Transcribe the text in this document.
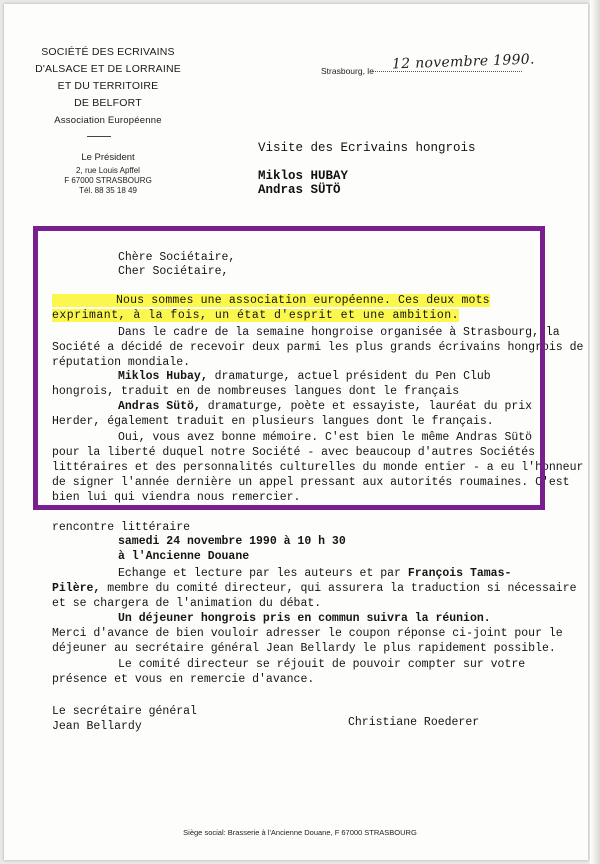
SOCIÉTÉ DES ECRIVAINS
D'ALSACE ET DE LORRAINE
ET DU TERRITOIRE
DE BELFORT
Association Européenne
Le Président
2, rue Louis Apffel
F 67000 STRASBOURG
Tél. 88 35 18 49
Strasbourg, le 12 novembre 1990.
Visite des Ecrivains hongrois
Miklos HUBAY
Andras SÜTÖ
Chère Sociétaire,
Cher Sociétaire,
Nous sommes une association européenne. Ces deux mots
exprimant, à la fois, un état d'esprit et une ambition.
Dans le cadre de la semaine hongroise organisée à Strasbourg, la
Société a décidé de recevoir deux parmi les plus grands écrivains hongrois de
réputation mondiale.
Miklos Hubay, dramaturge, actuel président du Pen Club
hongrois, traduit en de nombreuses langues dont le français
Andras Sütö, dramaturge, poète et essayiste, lauréat du prix
Herder, également traduit en plusieurs langues dont le français.
Oui, vous avez bonne mémoire. C'est bien le même Andras Sütö
pour la liberté duquel notre Société - avec beaucoup d'autres Sociétés
littéraires et des personnalités culturelles du monde entier - a eu l'honneur
de signer l'année dernière un appel pressant aux autorités roumaines. C'est
bien lui qui viendra nous remercier.
rencontre littéraire
samedi 24 novembre 1990 à 10 h 30
à l'Ancienne Douane
Echange et lecture par les auteurs et par François Tamas-
Pilère, membre du comité directeur, qui assurera la traduction si nécessaire
et se chargera de l'animation du débat.
Un déjeuner hongrois pris en commun suivra la réunion.
Merci d'avance de bien vouloir adresser le coupon réponse ci-joint pour le
déjeuner au secrétaire général Jean Bellardy le plus rapidement possible.
Le comité directeur se réjouit de pouvoir compter sur votre
présence et vous en remercie d'avance.
Le secrétaire général
Jean Bellardy	Christiane Roederer
Siège social: Brasserie à l'Ancienne Douane, F 67000 STRASBOURG
